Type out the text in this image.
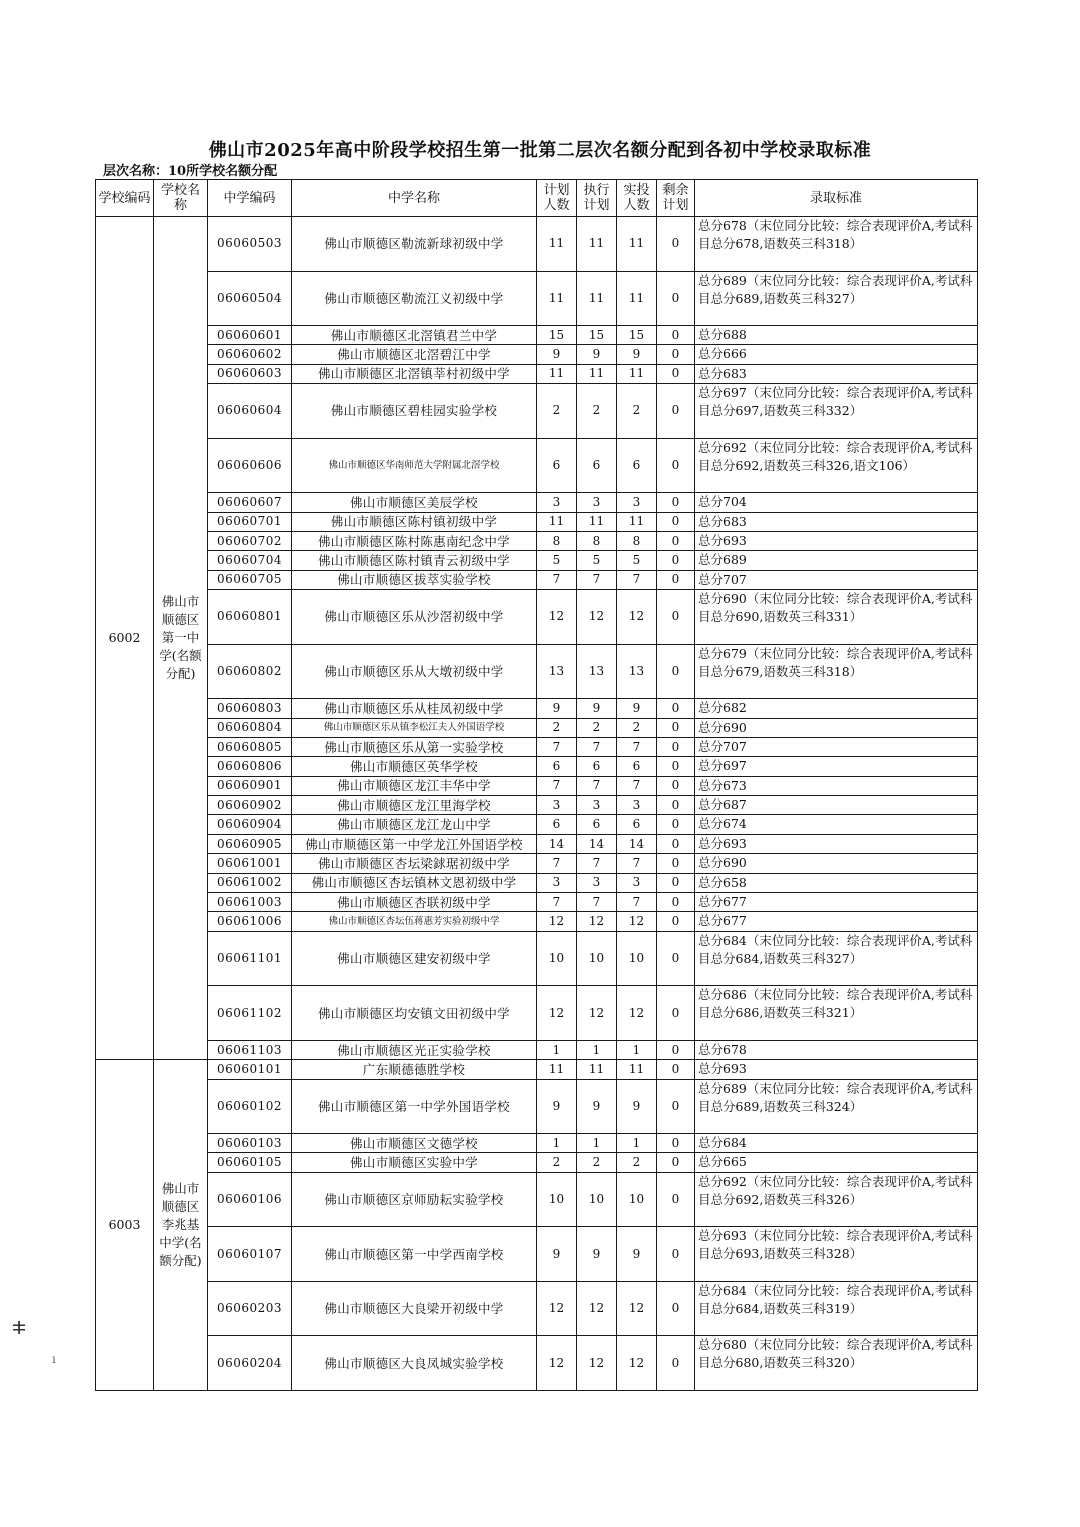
佛山市2025年高中阶段学校招生第一批第二层次名额分配到各初中学校录取标准
层次名称：10所学校名额分配
学校编码	学校名称	中学编码	中学名称	计划人数	执行计划	实投人数	剩余计划	录取标准
6002	佛山市顺德区第一中学(名额分配)	06060503	佛山市顺德区勒流新球初级中学	11	11	11	0	总分678（末位同分比较：综合表现评价A,考试科目总分678,语数英三科318）
		06060504	佛山市顺德区勒流江义初级中学	11	11	11	0	总分689（末位同分比较：综合表现评价A,考试科目总分689,语数英三科327）
		06060601	佛山市顺德区北滘镇君兰中学	15	15	15	0	总分688
		06060602	佛山市顺德区北滘碧江中学	9	9	9	0	总分666
		06060603	佛山市顺德区北滘镇莘村初级中学	11	11	11	0	总分683
		06060604	佛山市顺德区碧桂园实验学校	2	2	2	0	总分697（末位同分比较：综合表现评价A,考试科目总分697,语数英三科332）
		06060606	佛山市顺德区华南师范大学附属北滘学校	6	6	6	0	总分692（末位同分比较：综合表现评价A,考试科目总分692,语数英三科326,语文106）
		06060607	佛山市顺德区美辰学校	3	3	3	0	总分704
		06060701	佛山市顺德区陈村镇初级中学	11	11	11	0	总分683
		06060702	佛山市顺德区陈村陈惠南纪念中学	8	8	8	0	总分693
		06060704	佛山市顺德区陈村镇青云初级中学	5	5	5	0	总分689
		06060705	佛山市顺德区拔萃实验学校	7	7	7	0	总分707
		06060801	佛山市顺德区乐从沙滘初级中学	12	12	12	0	总分690（末位同分比较：综合表现评价A,考试科目总分690,语数英三科331）
		06060802	佛山市顺德区乐从大墩初级中学	13	13	13	0	总分679（末位同分比较：综合表现评价A,考试科目总分679,语数英三科318）
		06060803	佛山市顺德区乐从桂凤初级中学	9	9	9	0	总分682
		06060804	佛山市顺德区乐从镇李松江夫人外国语学校	2	2	2	0	总分690
		06060805	佛山市顺德区乐从第一实验学校	7	7	7	0	总分707
		06060806	佛山市顺德区英华学校	6	6	6	0	总分697
		06060901	佛山市顺德区龙江丰华中学	7	7	7	0	总分673
		06060902	佛山市顺德区龙江里海学校	3	3	3	0	总分687
		06060904	佛山市顺德区龙江龙山中学	6	6	6	0	总分674
		06060905	佛山市顺德区第一中学龙江外国语学校	14	14	14	0	总分693
		06061001	佛山市顺德区杏坛梁銶琚初级中学	7	7	7	0	总分690
		06061002	佛山市顺德区杏坛镇林文恩初级中学	3	3	3	0	总分658
		06061003	佛山市顺德区杏联初级中学	7	7	7	0	总分677
		06061006	佛山市顺德区杏坛伍蒋惠芳实验初级中学	12	12	12	0	总分677
		06061101	佛山市顺德区建安初级中学	10	10	10	0	总分684（末位同分比较：综合表现评价A,考试科目总分684,语数英三科327）
		06061102	佛山市顺德区均安镇文田初级中学	12	12	12	0	总分686（末位同分比较：综合表现评价A,考试科目总分686,语数英三科321）
		06061103	佛山市顺德区光正实验学校	1	1	1	0	总分678
6003	佛山市顺德区李兆基中学(名额分配)	06060101	广东顺德德胜学校	11	11	11	0	总分693
		06060102	佛山市顺德区第一中学外国语学校	9	9	9	0	总分689（末位同分比较：综合表现评价A,考试科目总分689,语数英三科324）
		06060103	佛山市顺德区文德学校	1	1	1	0	总分684
		06060105	佛山市顺德区实验中学	2	2	2	0	总分665
		06060106	佛山市顺德区京师励耘实验学校	10	10	10	0	总分692（末位同分比较：综合表现评价A,考试科目总分692,语数英三科326）
		06060107	佛山市顺德区第一中学西南学校	9	9	9	0	总分693（末位同分比较：综合表现评价A,考试科目总分693,语数英三科328）
		06060203	佛山市顺德区大良梁开初级中学	12	12	12	0	总分684（末位同分比较：综合表现评价A,考试科目总分684,语数英三科319）
		06060204	佛山市顺德区大良凤城实验学校	12	12	12	0	总分680（末位同分比较：综合表现评价A,考试科目总分680,语数英三科320）
ⵐ
ı
